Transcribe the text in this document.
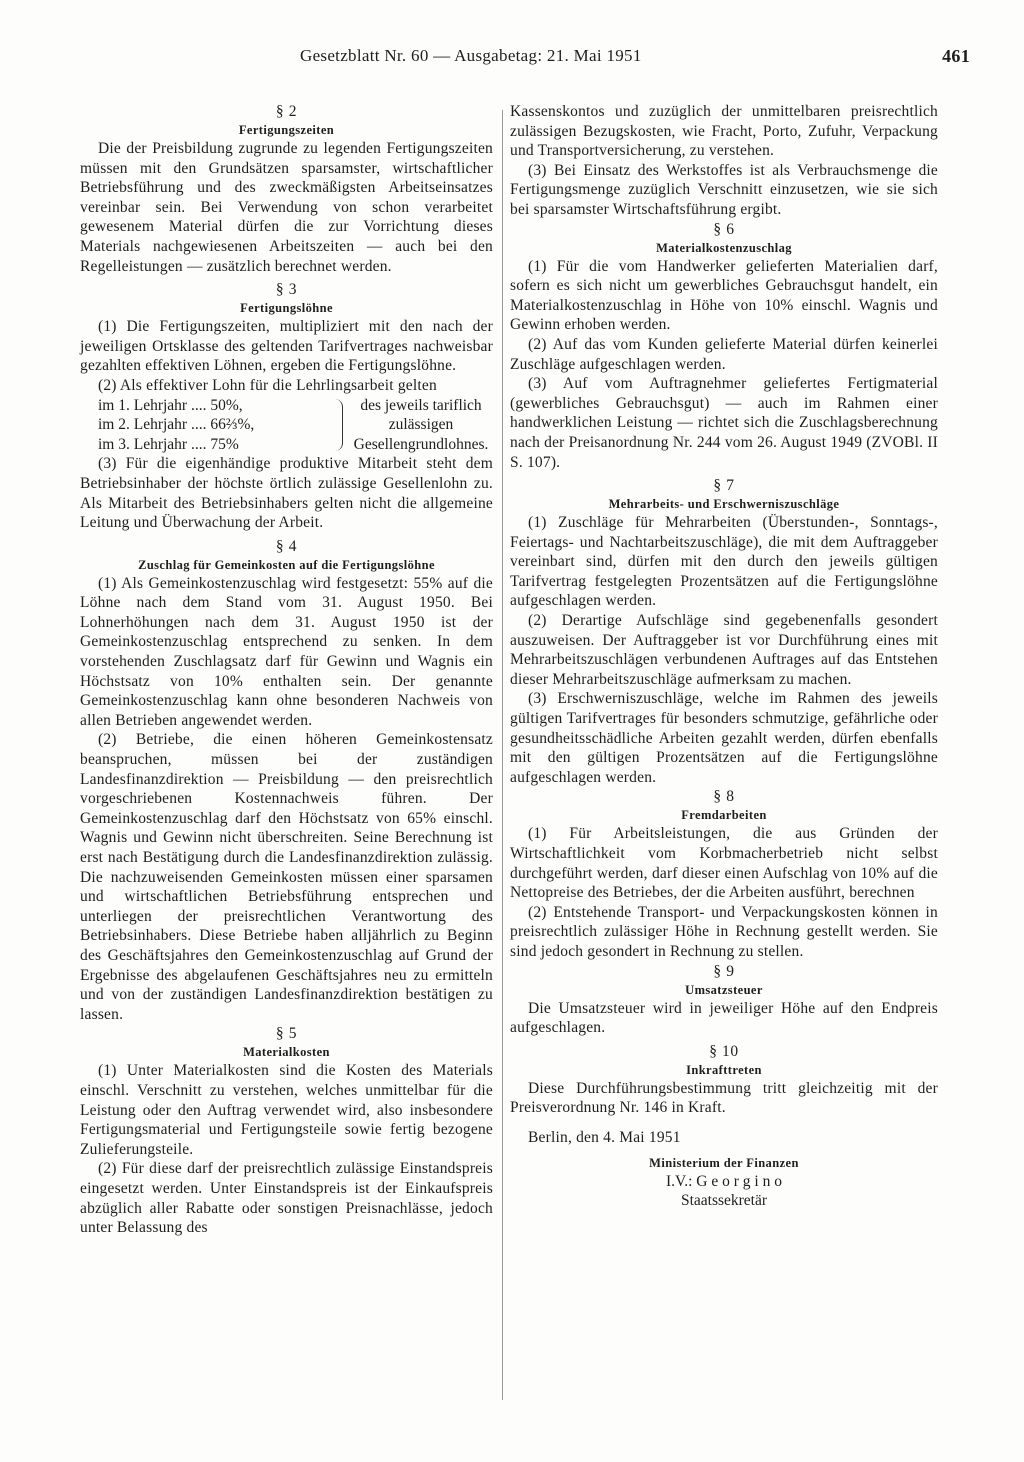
Gesetzblatt Nr. 60 — Ausgabetag: 21. Mai 1951	461
§ 2
Fertigungszeiten

Die der Preisbildung zugrunde zu legenden Fertigungszeiten müssen mit den Grundsätzen sparsamster, wirtschaftlicher Betriebsführung und des zweckmäßigsten Arbeitseinsatzes vereinbar sein. Bei Verwendung von schon verarbeitet gewesenem Material dürfen die zur Vorrichtung dieses Materials nachgewiesenen Arbeitszeiten — auch bei den Regelleistungen — zusätzlich berechnet werden.

§ 3
Fertigungslöhne

(1) Die Fertigungszeiten, multipliziert mit den nach der jeweiligen Ortsklasse des geltenden Tarifvertrages nachweisbar gezahlten effektiven Löhnen, ergeben die Fertigungslöhne.

(2) Als effektiver Lohn für die Lehrlingsarbeit gelten

im 1. Lehrjahr .... 50%,
im 2. Lehrjahr .... 66⅔%,
im 3. Lehrjahr .... 75%
des jeweils tariflich zulässigen Gesellengrundlohnes.

(3) Für die eigenhändige produktive Mitarbeit steht dem Betriebsinhaber der höchste örtlich zulässige Gesellenlohn zu. Als Mitarbeit des Betriebsinhabers gelten nicht die allgemeine Leitung und Überwachung der Arbeit.

§ 4
Zuschlag für Gemeinkosten auf die Fertigungslöhne

(1) Als Gemeinkostenzuschlag wird festgesetzt: 55% auf die Löhne nach dem Stand vom 31. August 1950. Bei Lohnerhöhungen nach dem 31. August 1950 ist der Gemeinkostenzuschlag entsprechend zu senken. In dem vorstehenden Zuschlagsatz darf für Gewinn und Wagnis ein Höchstsatz von 10% enthalten sein. Der genannte Gemeinkostenzuschlag kann ohne besonderen Nachweis von allen Betrieben angewendet werden.

(2) Betriebe, die einen höheren Gemeinkostensatz beanspruchen, müssen bei der zuständigen Landesfinanzdirektion — Preisbildung — den preisrechtlich vorgeschriebenen Kostennachweis führen. Der Gemeinkostenzuschlag darf den Höchstsatz von 65% einschl. Wagnis und Gewinn nicht überschreiten. Seine Berechnung ist erst nach Bestätigung durch die Landesfinanzdirektion zulässig. Die nachzuweisenden Gemeinkosten müssen einer sparsamen und wirtschaftlichen Betriebsführung entsprechen und unterliegen der preisrechtlichen Verantwortung des Betriebsinhabers. Diese Betriebe haben alljährlich zu Beginn des Geschäftsjahres den Gemeinkostenzuschlag auf Grund der Ergebnisse des abgelaufenen Geschäftsjahres neu zu ermitteln und von der zuständigen Landesfinanzdirektion bestätigen zu lassen.

§ 5
Materialkosten

(1) Unter Materialkosten sind die Kosten des Materials einschl. Verschnitt zu verstehen, welches unmittelbar für die Leistung oder den Auftrag verwendet wird, also insbesondere Fertigungsmaterial und Fertigungsteile sowie fertig bezogene Zulieferungsteile.

(2) Für diese darf der preisrechtlich zulässige Einstandspreis eingesetzt werden. Unter Einstandspreis ist der Einkaufspreis abzüglich aller Rabatte oder sonstigen Preisnachlässe, jedoch unter Belassung des

Kassenskontos und zuzüglich der unmittelbaren preisrechtlich zulässigen Bezugskosten, wie Fracht, Porto, Zufuhr, Verpackung und Transportversicherung, zu verstehen.

(3) Bei Einsatz des Werkstoffes ist als Verbrauchsmenge die Fertigungsmenge zuzüglich Verschnitt einzusetzen, wie sie sich bei sparsamster Wirtschaftsführung ergibt.

§ 6
Materialkostenzuschlag

(1) Für die vom Handwerker gelieferten Materialien darf, sofern es sich nicht um gewerbliches Gebrauchsgut handelt, ein Materialkostenzuschlag in Höhe von 10% einschl. Wagnis und Gewinn erhoben werden.

(2) Auf das vom Kunden gelieferte Material dürfen keinerlei Zuschläge aufgeschlagen werden.

(3) Auf vom Auftragnehmer geliefertes Fertigmaterial (gewerbliches Gebrauchsgut) — auch im Rahmen einer handwerklichen Leistung — richtet sich die Zuschlagsberechnung nach der Preisanordnung Nr. 244 vom 26. August 1949 (ZVOBl. II S. 107).

§ 7
Mehrarbeits- und Erschwerniszuschläge

(1) Zuschläge für Mehrarbeiten (Überstunden-, Sonntags-, Feiertags- und Nachtarbeitszuschläge), die mit dem Auftraggeber vereinbart sind, dürfen mit den durch den jeweils gültigen Tarifvertrag festgelegten Prozentsätzen auf die Fertigungslöhne aufgeschlagen werden.

(2) Derartige Aufschläge sind gegebenenfalls gesondert auszuweisen. Der Auftraggeber ist vor Durchführung eines mit Mehrarbeitszuschlägen verbundenen Auftrages auf das Entstehen dieser Mehrarbeitszuschläge aufmerksam zu machen.

(3) Erschwerniszuschläge, welche im Rahmen des jeweils gültigen Tarifvertrages für besonders schmutzige, gefährliche oder gesundheitsschädliche Arbeiten gezahlt werden, dürfen ebenfalls mit den gültigen Prozentsätzen auf die Fertigungslöhne aufgeschlagen werden.

§ 8
Fremdarbeiten

(1) Für Arbeitsleistungen, die aus Gründen der Wirtschaftlichkeit vom Korbmacherbetrieb nicht selbst durchgeführt werden, darf dieser einen Aufschlag von 10% auf die Nettopreise des Betriebes, der die Arbeiten ausführt, berechnen

(2) Entstehende Transport- und Verpackungskosten können in preisrechtlich zulässiger Höhe in Rechnung gestellt werden. Sie sind jedoch gesondert in Rechnung zu stellen.

§ 9
Umsatzsteuer

Die Umsatzsteuer wird in jeweiliger Höhe auf den Endpreis aufgeschlagen.

§ 10
Inkrafttreten

Diese Durchführungsbestimmung tritt gleichzeitig mit der Preisverordnung Nr. 146 in Kraft.

Berlin, den 4. Mai 1951

Ministerium der Finanzen
I.V.: G e o r g i n o
Staatssekretär
